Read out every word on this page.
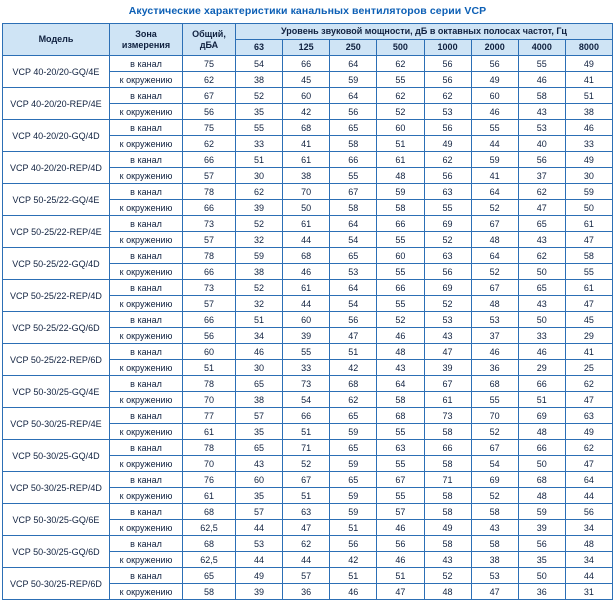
Акустические характеристики канальных вентиляторов серии VCP
Модель	
Зона
измерения

Общий,
дБА
	Уровень звуковой мощности, дБ в октавных полосах частот, Гц
			63	125	250	500	1000	2000	4000	8000
VCP 40-20/20-GQ/4E	в канал	75	54	66	64	62	56	56	55	49
	к окружению	62	38	45	59	55	56	49	46	41
VCP 40-20/20-REP/4E	в канал	67	52	60	64	62	62	60	58	51
	к окружению	56	35	42	56	52	53	46	43	38
VCP 40-20/20-GQ/4D	в канал	75	55	68	65	60	56	55	53	46
	к окружению	62	33	41	58	51	49	44	40	33
VCP 40-20/20-REP/4D	в канал	66	51	61	66	61	62	59	56	49
	к окружению	57	30	38	55	48	56	41	37	30
VCP 50-25/22-GQ/4E	в канал	78	62	70	67	59	63	64	62	59
	к окружению	66	39	50	58	58	55	52	47	50
VCP 50-25/22-REP/4E	в канал	73	52	61	64	66	69	67	65	61
	к окружению	57	32	44	54	55	52	48	43	47
VCP 50-25/22-GQ/4D	в канал	78	59	68	65	60	63	64	62	58
	к окружению	66	38	46	53	55	56	52	50	55
VCP 50-25/22-REP/4D	в канал	73	52	61	64	66	69	67	65	61
	к окружению	57	32	44	54	55	52	48	43	47
VCP 50-25/22-GQ/6D	в канал	66	51	60	56	52	53	53	50	45
	к окружению	56	34	39	47	46	43	37	33	29
VCP 50-25/22-REP/6D	в канал	60	46	55	51	48	47	46	46	41
	к окружению	51	30	33	42	43	39	36	29	25
VCP 50-30/25-GQ/4E	в канал	78	65	73	68	64	67	68	66	62
	к окружению	70	38	54	62	58	61	55	51	47
VCP 50-30/25-REP/4E	в канал	77	57	66	65	68	73	70	69	63
	к окружению	61	35	51	59	55	58	52	48	49
VCP 50-30/25-GQ/4D	в канал	78	65	71	65	63	66	67	66	62
	к окружению	70	43	52	59	55	58	54	50	47
VCP 50-30/25-REP/4D	в канал	76	60	67	65	67	71	69	68	64
	к окружению	61	35	51	59	55	58	52	48	44
VCP 50-30/25-GQ/6E	в канал	68	57	63	59	57	58	58	59	56
	к окружению	62,5	44	47	51	46	49	43	39	34
VCP 50-30/25-GQ/6D	в канал	68	53	62	56	56	58	58	56	48
	к окружению	62,5	44	44	42	46	43	38	35	34
VCP 50-30/25-REP/6D	в канал	65	49	57	51	51	52	53	50	44
	к окружению	58	39	36	46	47	48	47	36	31
